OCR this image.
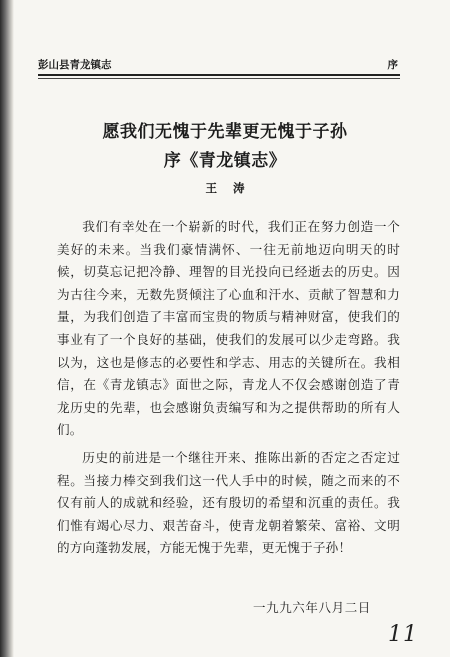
彭山县青龙镇志	序
愿我们无愧于先辈更无愧于子孙
序《青龙镇志》
王涛

我们有幸处在一个崭新的时代，我们正在努力创造一个美好的未来。当我们豪情满怀、一往无前地迈向明天的时候，切莫忘记把冷静、理智的目光投向已经逝去的历史。因为古往今来，无数先贤倾注了心血和汗水、贡献了智慧和力量，为我们创造了丰富而宝贵的物质与精神财富，使我们的事业有了一个良好的基础，使我们的发展可以少走弯路。我以为，这也是修志的必要性和学志、用志的关键所在。我相信，在《青龙镇志》面世之际，青龙人不仅会感谢创造了青龙历史的先辈，也会感谢负责编写和为之提供帮助的所有人们。

历史的前进是一个继往开来、推陈出新的否定之否定过程。当接力棒交到我们这一代人手中的时候，随之而来的不仅有前人的成就和经验，还有殷切的希望和沉重的责任。我们惟有竭心尽力、艰苦奋斗，使青龙朝着繁荣、富裕、文明的方向蓬勃发展，方能无愧于先辈，更无愧于子孙！

一九九六年八月二日
11
